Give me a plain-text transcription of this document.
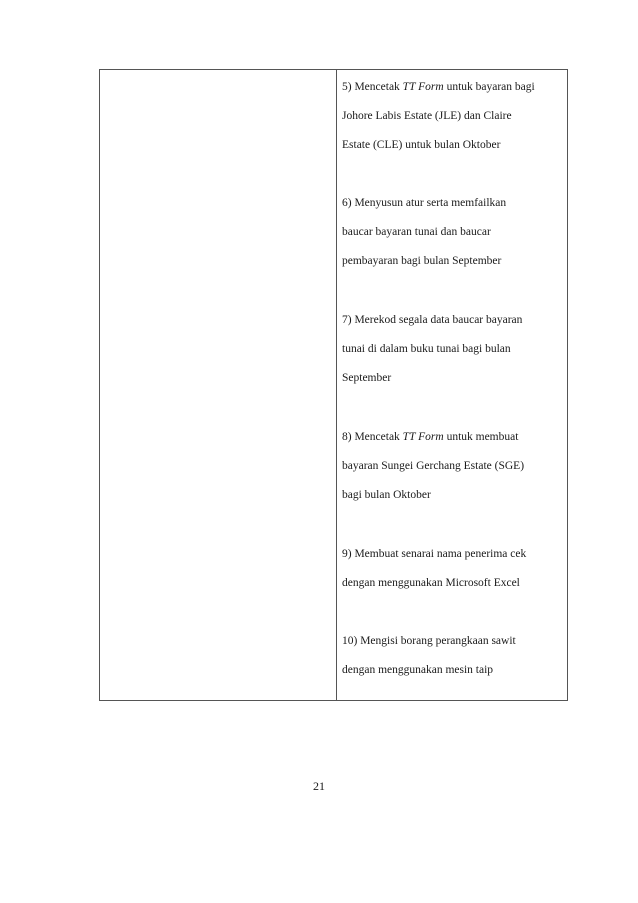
5) Mencetak TT Form untuk bayaran bagi
Johore Labis Estate (JLE) dan Claire
Estate (CLE) untuk bulan Oktober
6) Menyusun atur serta memfailkan
baucar bayaran tunai dan baucar
pembayaran bagi bulan September
7) Merekod segala data baucar bayaran
tunai di dalam buku tunai bagi bulan
September
8) Mencetak TT Form untuk membuat
bayaran Sungei Gerchang Estate (SGE)
bagi bulan Oktober
9) Membuat senarai nama penerima cek
dengan menggunakan Microsoft Excel
10) Mengisi borang perangkaan sawit
dengan menggunakan mesin taip
21
